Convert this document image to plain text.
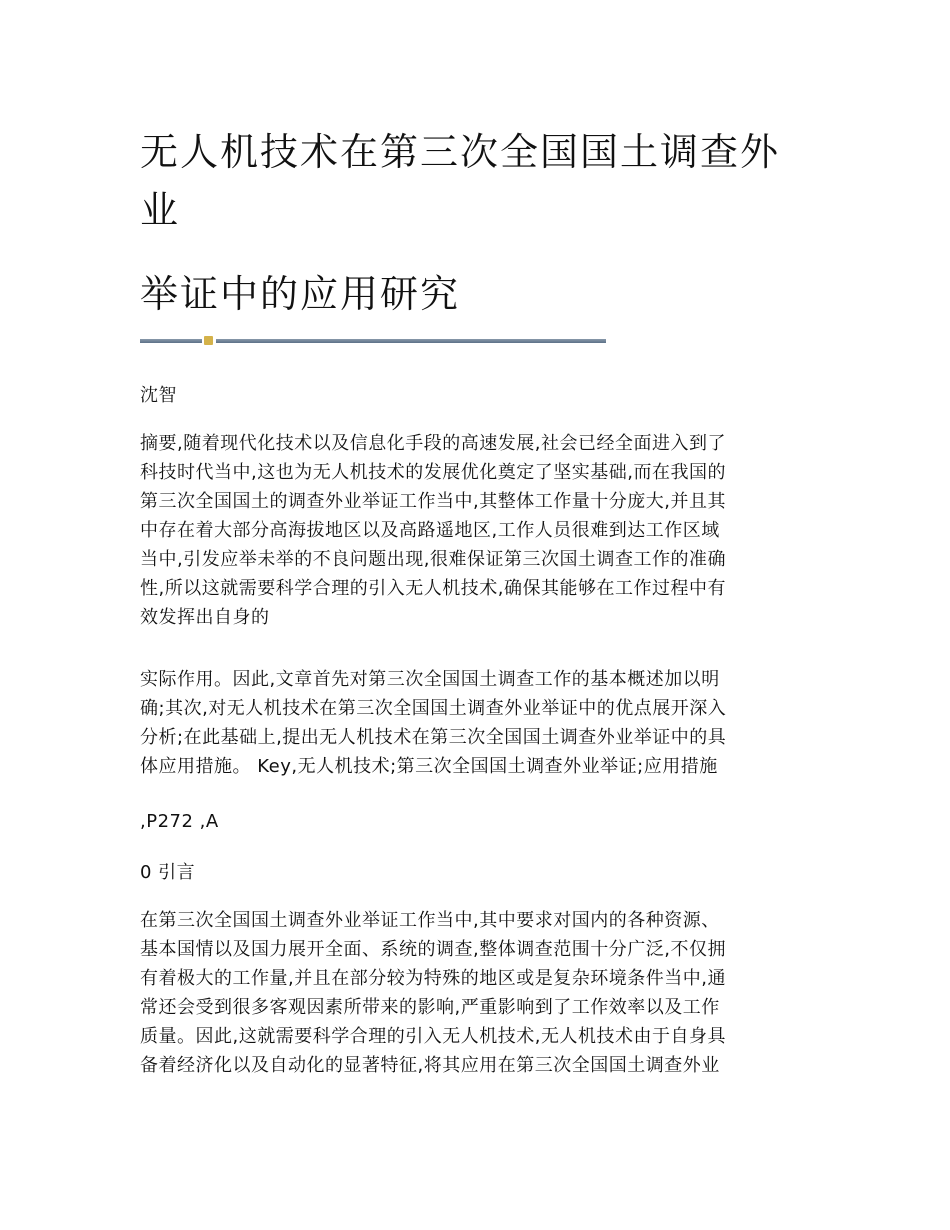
无人机技术在第三次全国国土调查外
业
举证中的应用研究
沈智
摘要,随着现代化技术以及信息化手段的高速发展,社会已经全面进入到了
科技时代当中,这也为无人机技术的发展优化奠定了坚实基础,而在我国的
第三次全国国土的调查外业举证工作当中,其整体工作量十分庞大,并且其
中存在着大部分高海拔地区以及高路遥地区,工作人员很难到达工作区域
当中,引发应举未举的不良问题出现,很难保证第三次国土调查工作的准确
性,所以这就需要科学合理的引入无人机技术,确保其能够在工作过程中有
效发挥出自身的
实际作用。因此,文章首先对第三次全国国土调查工作的基本概述加以明
确;其次,对无人机技术在第三次全国国土调查外业举证中的优点展开深入
分析;在此基础上,提出无人机技术在第三次全国国土调查外业举证中的具
体应用措施。 Key,无人机技术;第三次全国国土调查外业举证;应用措施
,P272 ,A
0 引言
在第三次全国国土调查外业举证工作当中,其中要求对国内的各种资源、
基本国情以及国力展开全面、系统的调查,整体调查范围十分广泛,不仅拥
有着极大的工作量,并且在部分较为特殊的地区或是复杂环境条件当中,通
常还会受到很多客观因素所带来的影响,严重影响到了工作效率以及工作
质量。因此,这就需要科学合理的引入无人机技术,无人机技术由于自身具
备着经济化以及自动化的显著特征,将其应用在第三次全国国土调查外业
